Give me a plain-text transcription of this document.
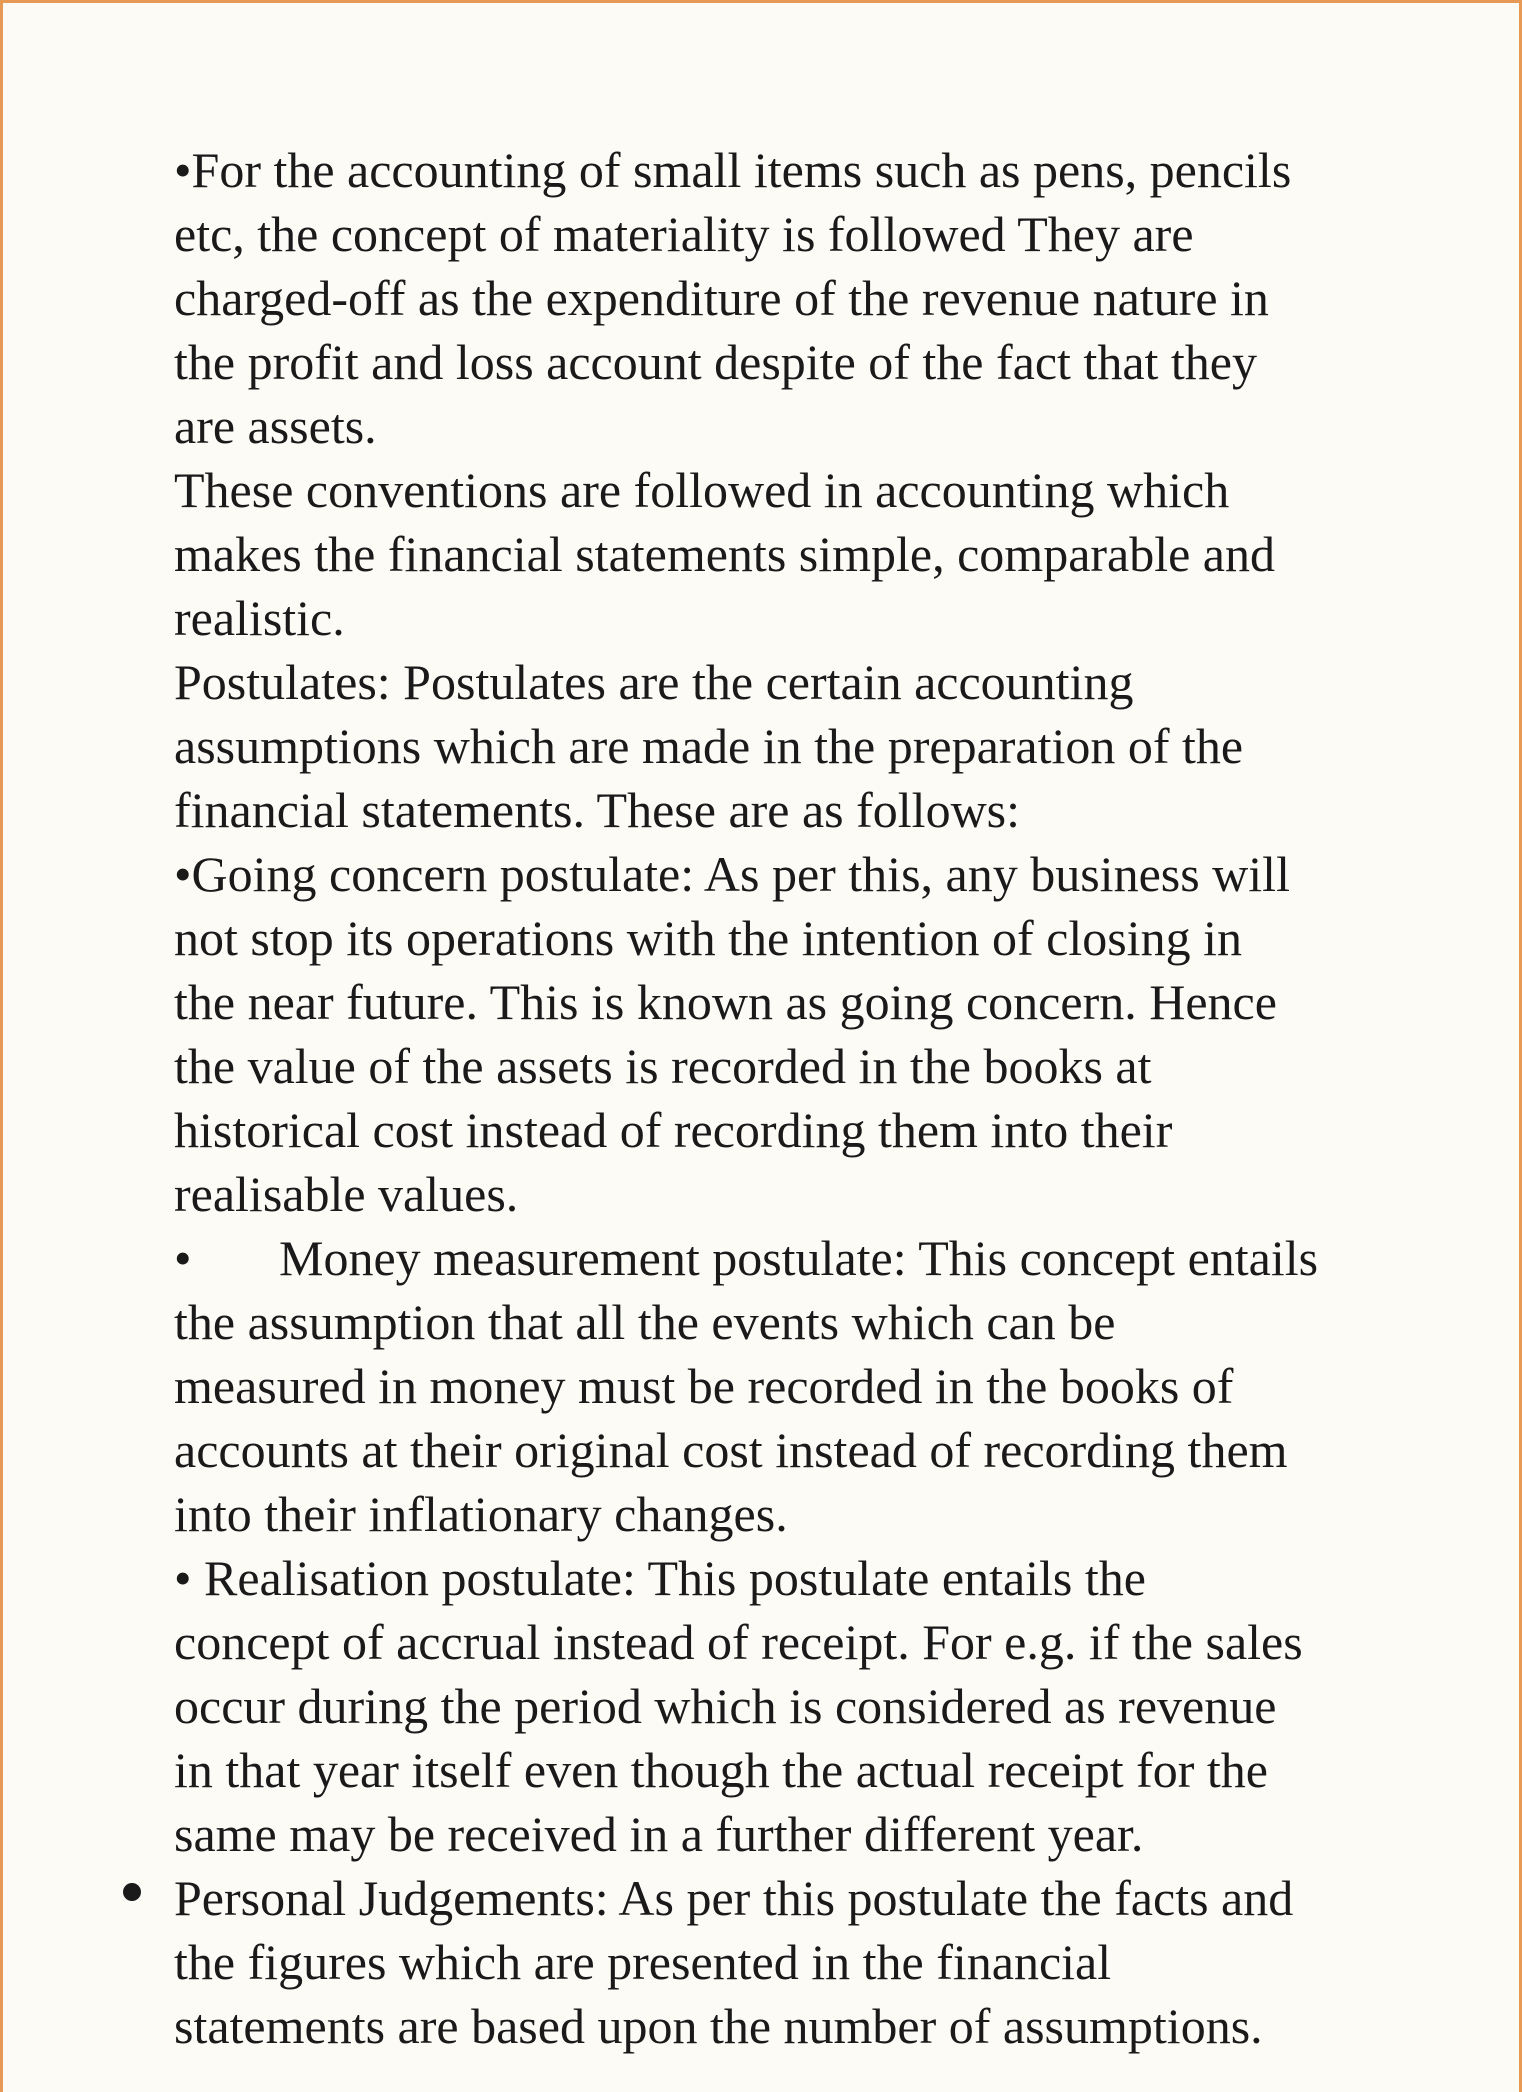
•For the accounting of small items such as pens, pencils
etc, the concept of materiality is followed They are
charged-off as the expenditure of the revenue nature in
the profit and loss account despite of the fact that they
are assets.
These conventions are followed in accounting which
makes the financial statements simple, comparable and
realistic.
Postulates: Postulates are the certain accounting
assumptions which are made in the preparation of the
financial statements. These are as follows:
•Going concern postulate: As per this, any business will
not stop its operations with the intention of closing in
the near future. This is known as going concern. Hence
the value of the assets is recorded in the books at
historical cost instead of recording them into their
realisable values.
•       Money measurement postulate: This concept entails
the assumption that all the events which can be
measured in money must be recorded in the books of
accounts at their original cost instead of recording them
into their inflationary changes.
• Realisation postulate: This postulate entails the
concept of accrual instead of receipt. For e.g. if the sales
occur during the period which is considered as revenue
in that year itself even though the actual receipt for the
same may be received in a further different year.
Personal Judgements: As per this postulate the facts and
the figures which are presented in the financial
statements are based upon the number of assumptions.
